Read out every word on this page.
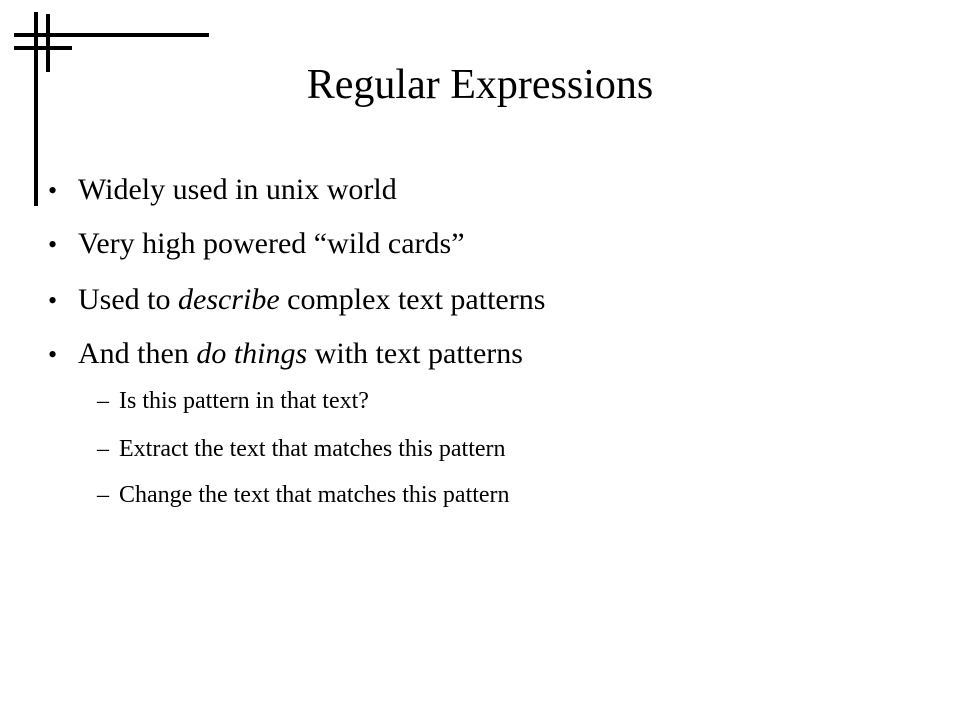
Regular Expressions
• Widely used in unix world
• Very high powered “wild cards”
• Used to describe complex text patterns
• And then do things with text patterns
– Is this pattern in that text?
– Extract the text that matches this pattern
– Change the text that matches this pattern
